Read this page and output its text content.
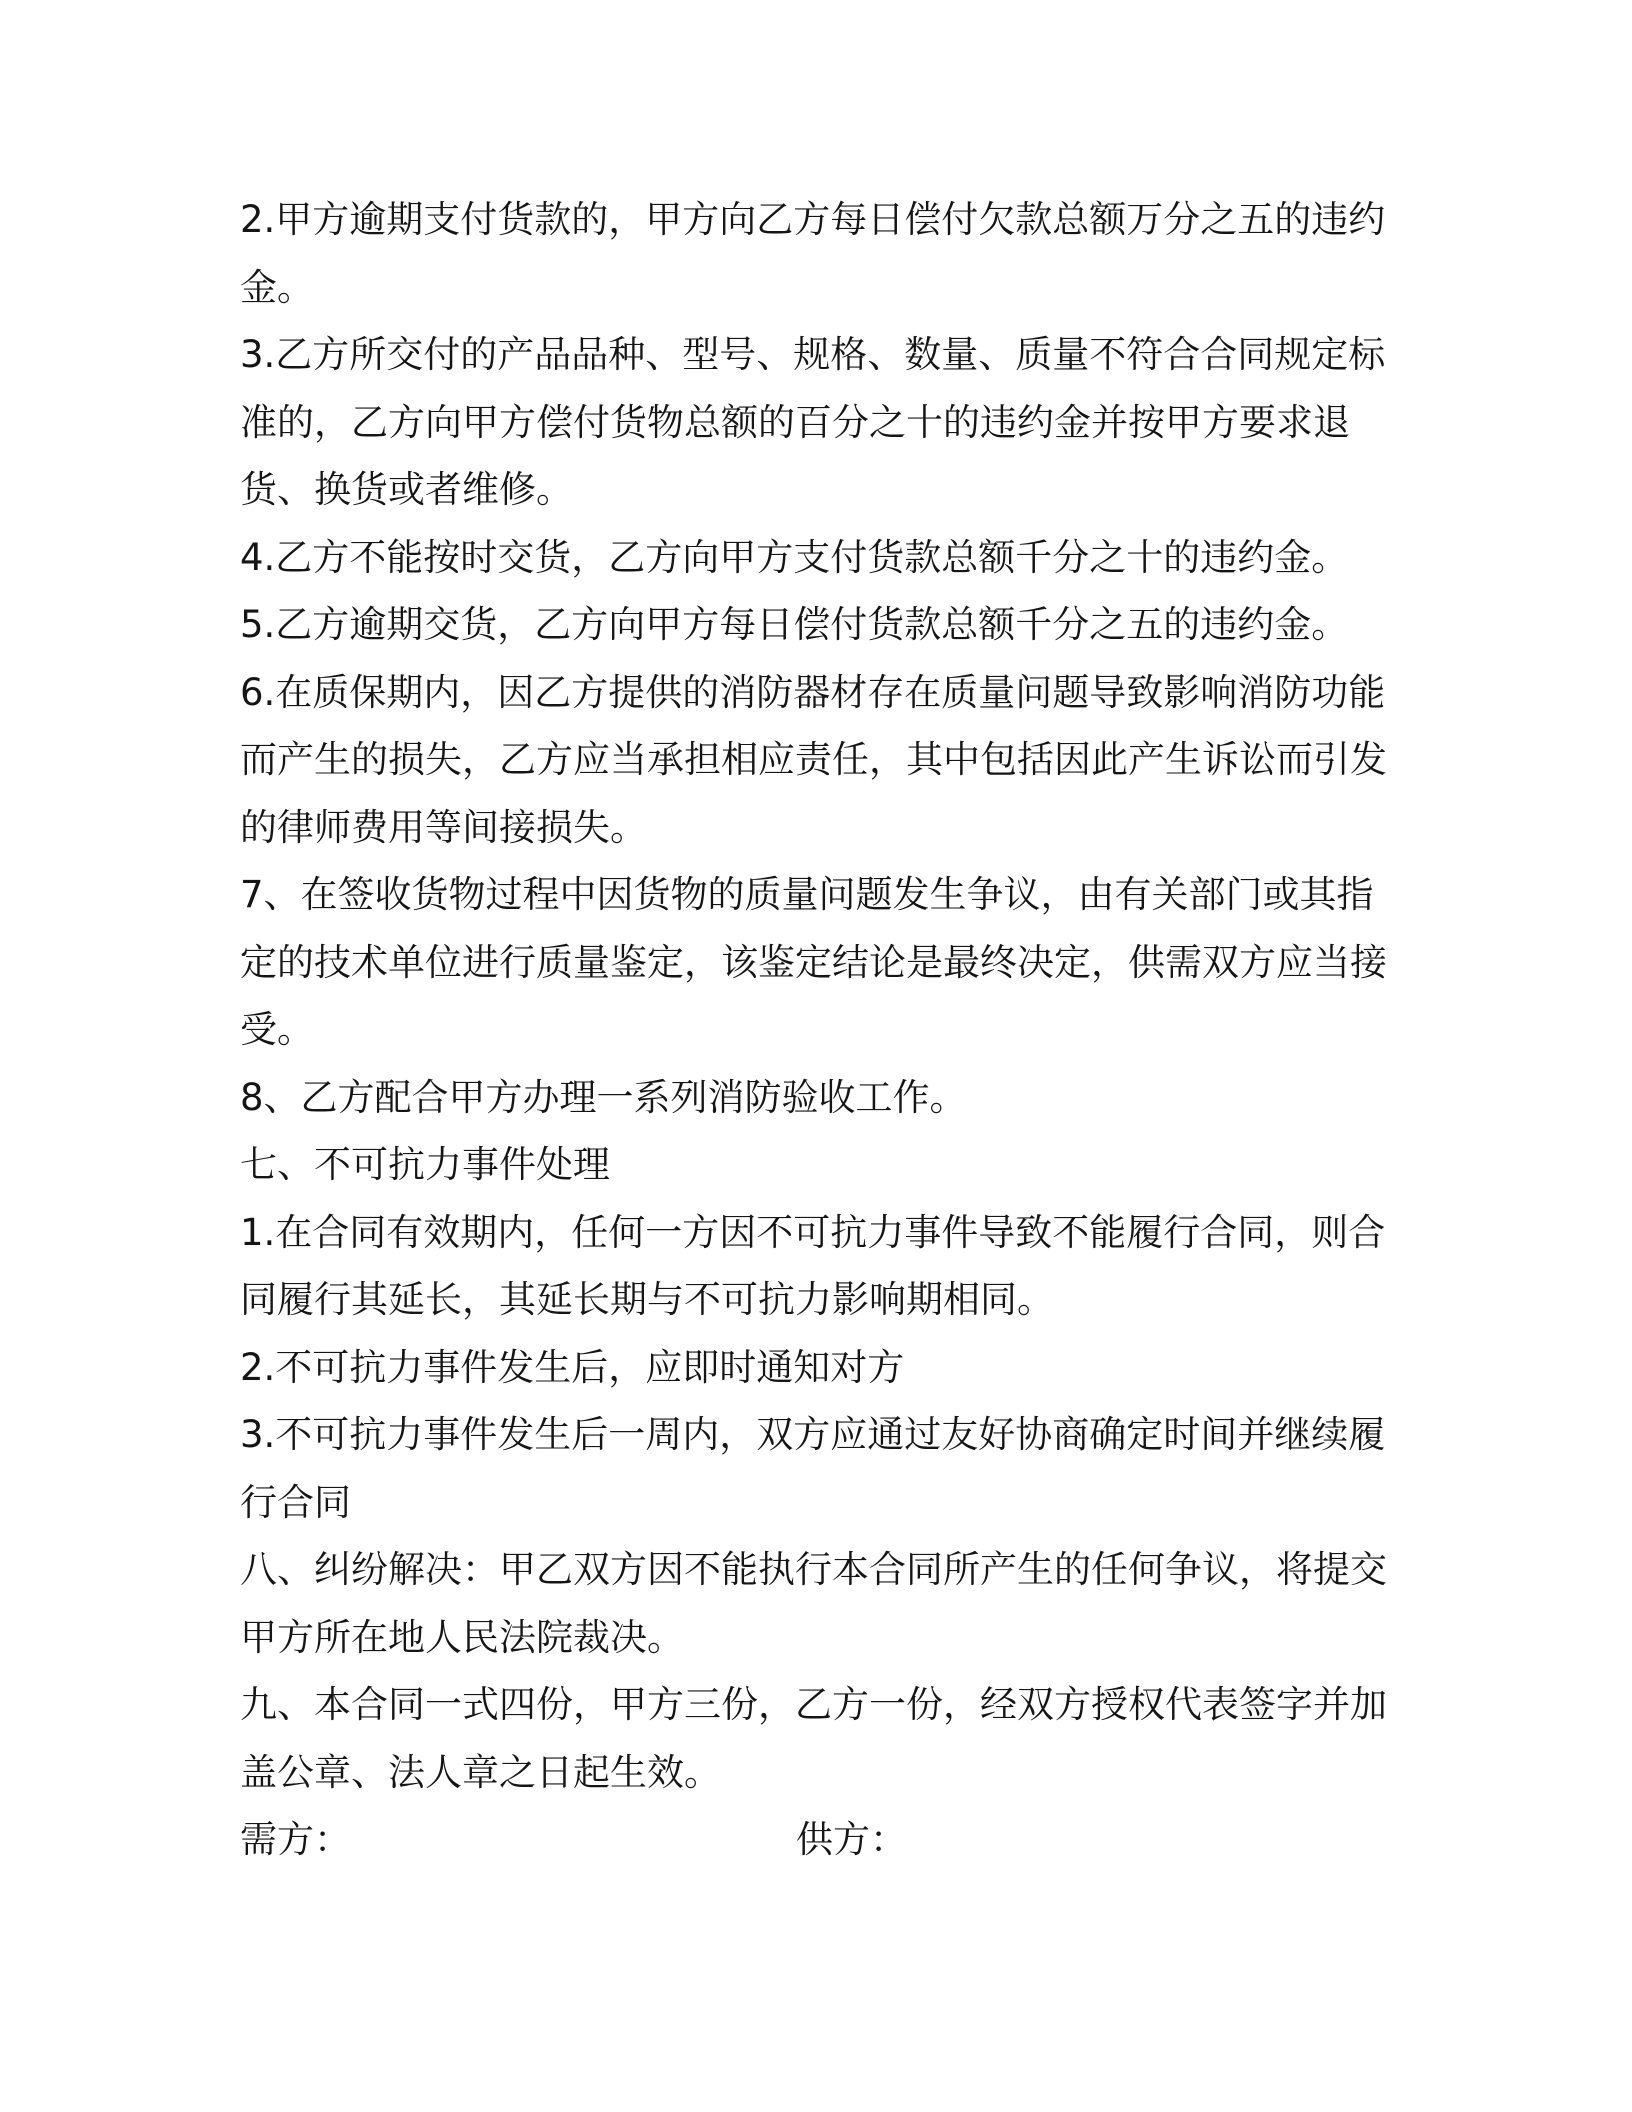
2.甲方逾期支付货款的，甲方向乙方每日偿付欠款总额万分之五的违约金。

3.乙方所交付的产品品种、型号、规格、数量、质量不符合合同规定标准的，乙方向甲方偿付货物总额的百分之十的违约金并按甲方要求退货、换货或者维修。

4.乙方不能按时交货，乙方向甲方支付货款总额千分之十的违约金。

5.乙方逾期交货，乙方向甲方每日偿付货款总额千分之五的违约金。

6.在质保期内，因乙方提供的消防器材存在质量问题导致影响消防功能而产生的损失，乙方应当承担相应责任，其中包括因此产生诉讼而引发的律师费用等间接损失。

7、在签收货物过程中因货物的质量问题发生争议，由有关部门或其指定的技术单位进行质量鉴定，该鉴定结论是最终决定，供需双方应当接受。

8、乙方配合甲方办理一系列消防验收工作。

七、不可抗力事件处理

1.在合同有效期内，任何一方因不可抗力事件导致不能履行合同，则合同履行其延长，其延长期与不可抗力影响期相同。

2.不可抗力事件发生后，应即时通知对方

3.不可抗力事件发生后一周内，双方应通过友好协商确定时间并继续履行合同

八、纠纷解决：甲乙双方因不能执行本合同所产生的任何争议，将提交甲方所在地人民法院裁决。

九、本合同一式四份，甲方三份，乙方一份，经双方授权代表签字并加盖公章、法人章之日起生效。

需方：	供方：
